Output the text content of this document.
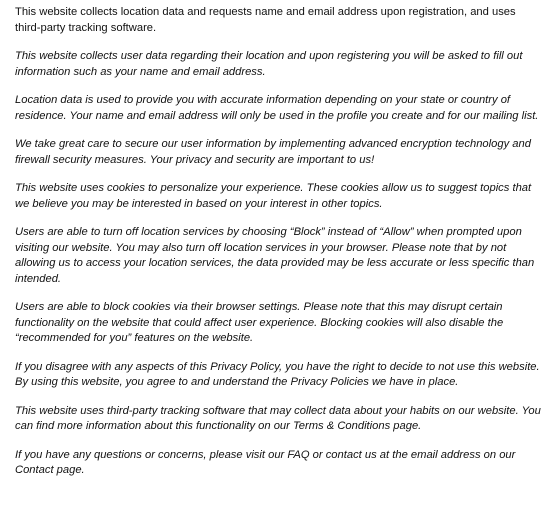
This website collects location data and requests name and email address upon registration, and uses third-party tracking software.

This website collects user data regarding their location and upon registering you will be asked to fill out information such as your name and email address.

Location data is used to provide you with accurate information depending on your state or country of residence. Your name and email address will only be used in the profile you create and for our mailing list.

We take great care to secure our user information by implementing advanced encryption technology and firewall security measures. Your privacy and security are important to us!

This website uses cookies to personalize your experience. These cookies allow us to suggest topics that we believe you may be interested in based on your interest in other topics.

Users are able to turn off location services by choosing “Block” instead of “Allow” when prompted upon visiting our website. You may also turn off location services in your browser. Please note that by not allowing us to access your location services, the data provided may be less accurate or less specific than intended.

Users are able to block cookies via their browser settings. Please note that this may disrupt certain functionality on the website that could affect user experience. Blocking cookies will also disable the “recommended for you” features on the website.

If you disagree with any aspects of this Privacy Policy, you have the right to decide to not use this website. By using this website, you agree to and understand the Privacy Policies we have in place.

This website uses third-party tracking software that may collect data about your habits on our website. You can find more information about this functionality on our Terms & Conditions page.

If you have any questions or concerns, please visit our FAQ or contact us at the email address on our Contact page.
